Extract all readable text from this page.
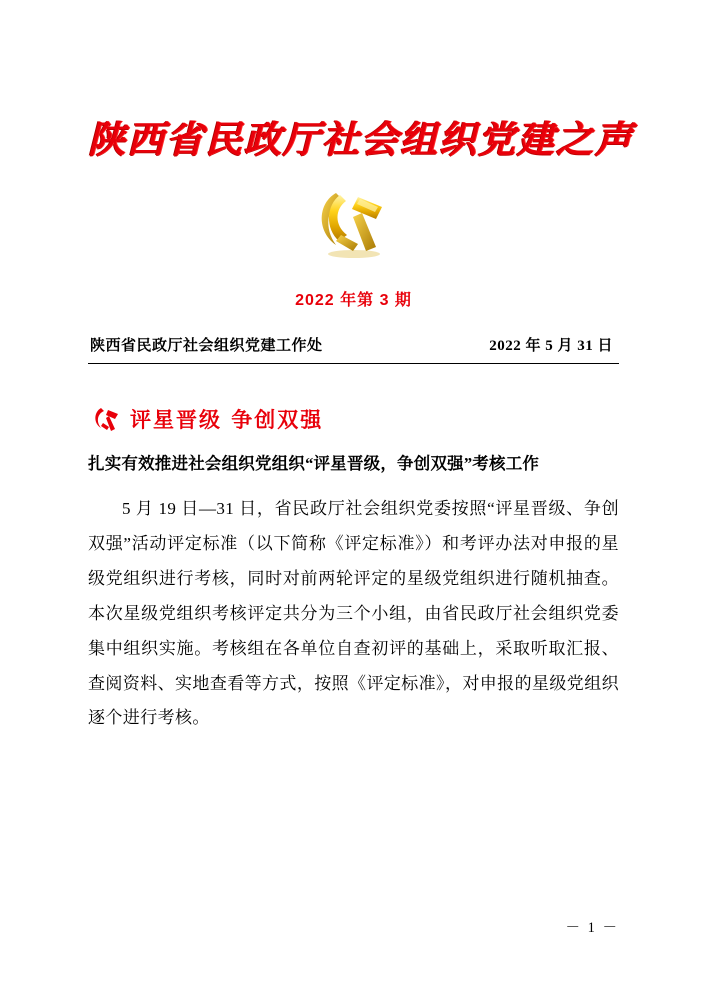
陕西省民政厅社会组织党建之声
2022 年第 3 期
陕西省民政厅社会组织党建工作处	2022 年 5 月 31 日
评星晋级 争创双强
扎实有效推进社会组织党组织“评星晋级，争创双强”考核工作
5 月 19 日—31 日，省民政厅社会组织党委按照“评星晋级、争创双强”活动评定标准（以下简称《评定标准》）和考评办法对申报的星级党组织进行考核，同时对前两轮评定的星级党组织进行随机抽查。本次星级党组织考核评定共分为三个小组，由省民政厅社会组织党委集中组织实施。考核组在各单位自查初评的基础上，采取听取汇报、查阅资料、实地查看等方式，按照《评定标准》，对申报的星级党组织逐个进行考核。
－ 1 －
